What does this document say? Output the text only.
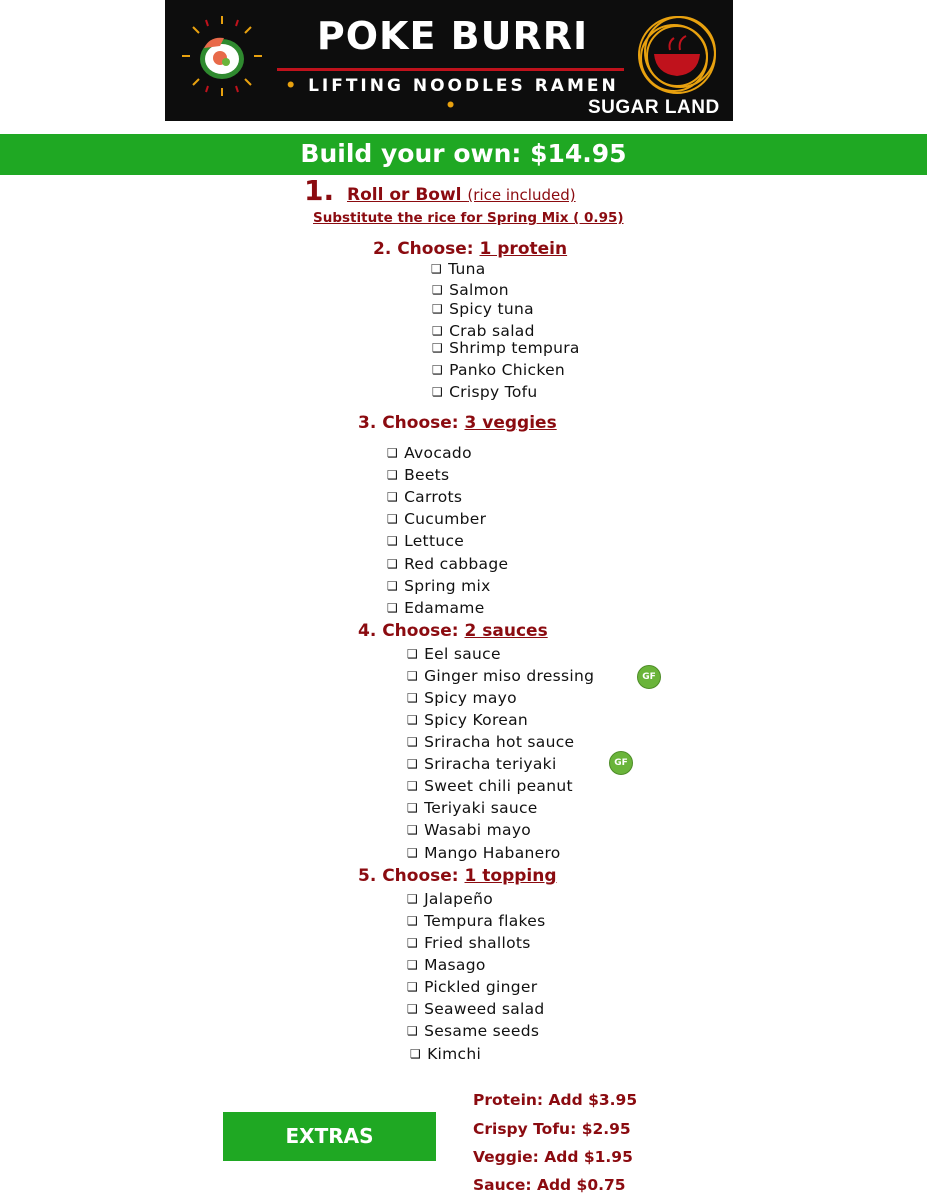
POKE BURRI
• LIFTING NOODLES RAMEN •	SUGAR LAND
Build your own: $14.95
1. Roll or Bowl (rice included)
Substitute the rice for Spring Mix ( 0.95)
2. Choose: 1 protein
❑ Tuna
❑ Salmon
❑ Spicy tuna
❑ Crab salad
❑ Shrimp tempura
❑ Panko Chicken
❑ Crispy Tofu
3. Choose: 3 veggies
❑ Avocado
❑ Beets
❑ Carrots
❑ Cucumber
❑ Lettuce
❑ Red cabbage
❑ Spring mix
❑ Edamame
4. Choose: 2 sauces
❑ Eel sauce
❑ Ginger miso dressing	GF
❑ Spicy mayo
❑ Spicy Korean
❑ Sriracha hot sauce
❑ Sriracha teriyaki	GF
❑ Sweet chili peanut
❑ Teriyaki sauce
❑ Wasabi mayo
❑ Mango Habanero
5. Choose: 1 topping
❑ Jalapeño
❑ Tempura flakes
❑ Fried shallots
❑ Masago
❑ Pickled ginger
❑ Seaweed salad
❑ Sesame seeds
❑ Kimchi
EXTRAS
Protein: Add $3.95
Crispy Tofu: $2.95
Veggie: Add $1.95
Sauce: Add $0.75
